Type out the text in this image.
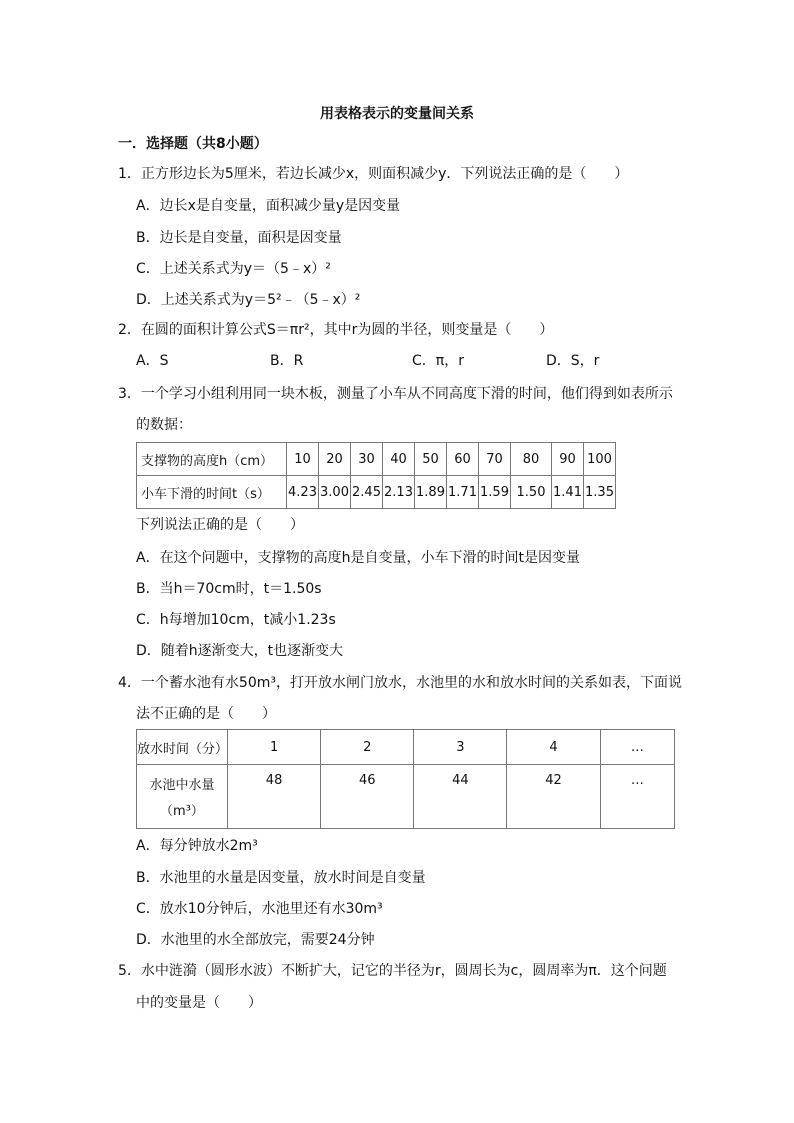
用表格表示的变量间关系
一．选择题（共8小题）
1．正方形边长为5厘米，若边长减少x，则面积减少y．下列说法正确的是（　　）
A．边长x是自变量，面积减少量y是因变量
B．边长是自变量，面积是因变量
C．上述关系式为y＝（5﹣x）²
D．上述关系式为y＝5²﹣（5﹣x）²
2．在圆的面积计算公式S＝πr²，其中r为圆的半径，则变量是（　　）
A．S	B．R	C．π，r	D．S，r
3．一个学习小组利用同一块木板，测量了小车从不同高度下滑的时间，他们得到如表所示
的数据：
支撑物的高度h（cm）	10	20	30	40	50	60	70	80	90	100
小车下滑的时间t（s）	4.23	3.00	2.45	2.13	1.89	1.71	1.59	1.50	1.41	1.35
下列说法正确的是（　　）
A．在这个问题中，支撑物的高度h是自变量，小车下滑的时间t是因变量
B．当h＝70cm时，t＝1.50s
C．h每增加10cm，t减小1.23s
D．随着h逐渐变大，t也逐渐变大
4．一个蓄水池有水50m³，打开放水闸门放水，水池里的水和放水时间的关系如表，下面说
法不正确的是（　　）
放水时间（分）	1	2	3	4	…

水池中水量
（m³）	48	46	44	42	…
A．每分钟放水2m³
B．水池里的水量是因变量，放水时间是自变量
C．放水10分钟后，水池里还有水30m³
D．水池里的水全部放完，需要24分钟
5．水中涟漪（圆形水波）不断扩大，记它的半径为r，圆周长为c，圆周率为π．这个问题
中的变量是（　　）
